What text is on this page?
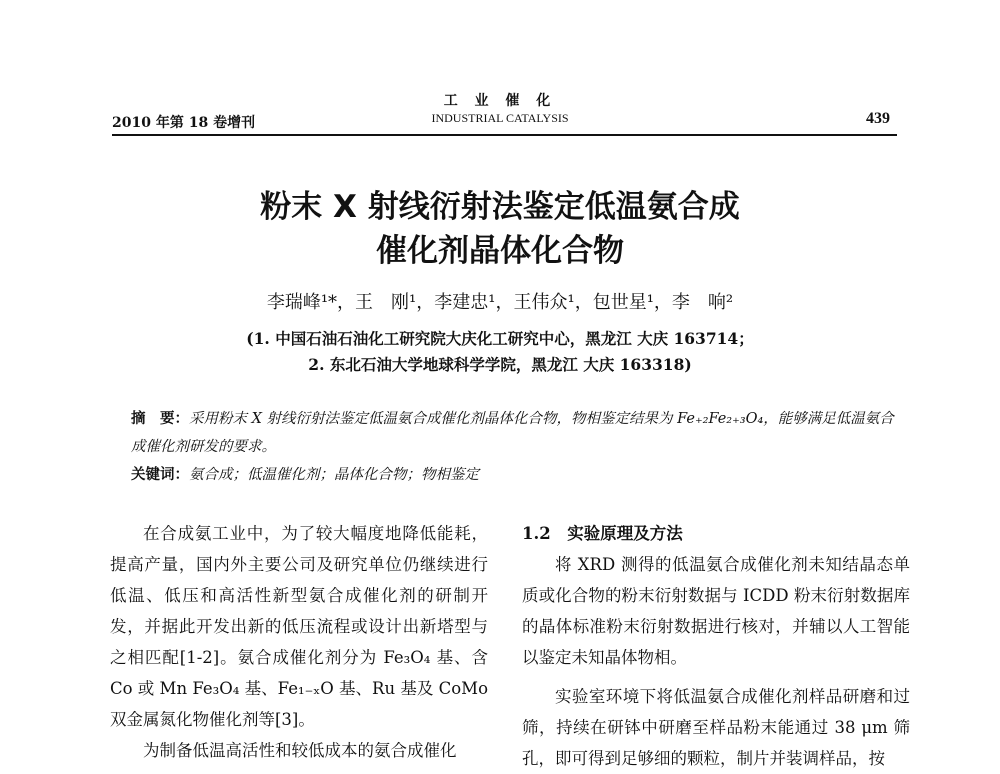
2010 年第 18 卷增刊
工 业 催 化
INDUSTRIAL CATALYSIS	439
粉末 X 射线衍射法鉴定低温氨合成
催化剂晶体化合物
李瑞峰¹*，王　刚¹，李建忠¹，王伟众¹，包世星¹，李　响²
(1. 中国石油石油化工研究院大庆化工研究中心，黑龙江 大庆 163714；
2. 东北石油大学地球科学学院，黑龙江 大庆 163318)
摘　要：采用粉末 X 射线衍射法鉴定低温氨合成催化剂晶体化合物，物相鉴定结果为 Fe₊₂Fe₂₊₃O₄，能够满足低温氨合成催化剂研发的要求。
关键词：氨合成；低温催化剂；晶体化合物；物相鉴定

在合成氨工业中，为了较大幅度地降低能耗，提高产量，国内外主要公司及研究单位仍继续进行低温、低压和高活性新型氨合成催化剂的研制开发，并据此开发出新的低压流程或设计出新塔型与之相匹配[1-2]。氨合成催化剂分为 Fe₃O₄ 基、含 Co 或 Mn Fe₃O₄ 基、Fe₁₋ₓO 基、Ru 基及 CoMo 双金属氮化物催化剂等[3]。

为制备低温高活性和较低成本的氨合成催化

1.2　实验原理及方法

将 XRD 测得的低温氨合成催化剂未知结晶态单质或化合物的粉末衍射数据与 ICDD 粉末衍射数据库的晶体标准粉末衍射数据进行核对，并辅以人工智能以鉴定未知晶体物相。

实验室环境下将低温氨合成催化剂样品研磨和过筛，持续在研钵中研磨至样品粉末能通过 38 μm 筛孔，即可得到足够细的颗粒，制片并装调样品，按
